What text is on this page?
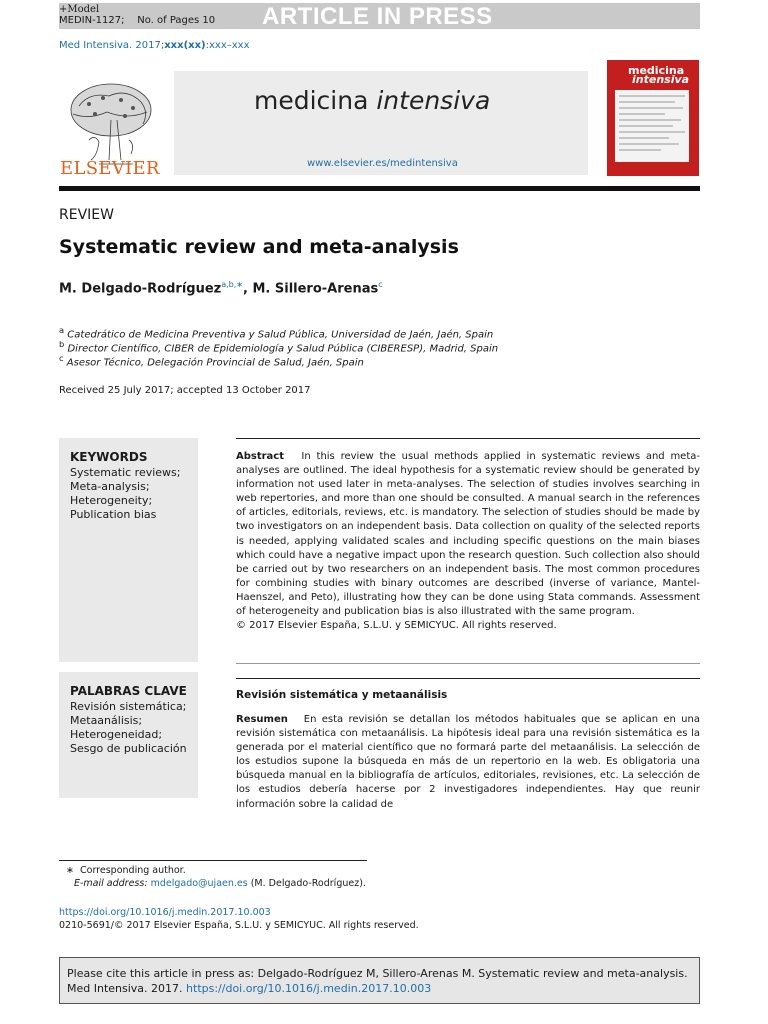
ARTICLE IN PRESS
+Model
MEDIN-1127;    No. of Pages 10
Med Intensiva. 2017;xxx(xx):xxx–xxx
ELSEVIER
medicina intensiva
www.elsevier.es/medintensiva
medicina
intensiva
REVIEW
Systematic review and meta-analysis
M. Delgado-Rodríguez$^{a,b,∗}$, M. Sillero-Arenas$^c$
$^a$ Catedrático de Medicina Preventiva y Salud Pública, Universidad de Jaén, Jaén, Spain
$^b$ Director Científico, CIBER de Epidemiología y Salud Pública (CIBERESP), Madrid, Spain
$^c$ Asesor Técnico, Delegación Provincial de Salud, Jaén, Spain
Received 25 July 2017; accepted 13 October 2017
KEYWORDS
Systematic reviews;
Meta-analysis;
Heterogeneity;
Publication bias
Abstract   In this review the usual methods applied in systematic reviews and meta-analyses are outlined. The ideal hypothesis for a systematic review should be generated by information not used later in meta-analyses. The selection of studies involves searching in web repertories, and more than one should be consulted. A manual search in the references of articles, editorials, reviews, etc. is mandatory. The selection of studies should be made by two investigators on an independent basis. Data collection on quality of the selected reports is needed, applying validated scales and including specific questions on the main biases which could have a negative impact upon the research question. Such collection also should be carried out by two researchers on an independent basis. The most common procedures for combining studies with binary outcomes are described (inverse of variance, Mantel-Haenszel, and Peto), illustrating how they can be done using Stata commands. Assessment of heterogeneity and publication bias is also illustrated with the same program.
© 2017 Elsevier España, S.L.U. y SEMICYUC. All rights reserved.
PALABRAS CLAVE
Revisión sistemática;
Metaanálisis;
Heterogeneidad;
Sesgo de publicación
Revisión sistemática y metaanálisis
Resumen   En esta revisión se detallan los métodos habituales que se aplican en una revisión sistemática con metaanálisis. La hipótesis ideal para una revisión sistemática es la generada por el material científico que no formará parte del metaanálisis. La selección de los estudios supone la búsqueda en más de un repertorio en la web. Es obligatoria una búsqueda manual en la bibliografía de artículos, editoriales, revisiones, etc. La selección de los estudios debería hacerse por 2 investigadores independientes. Hay que reunir información sobre la calidad de
∗  Corresponding author.
E-mail address: mdelgado@ujaen.es (M. Delgado-Rodríguez).
https://doi.org/10.1016/j.medin.2017.10.003
0210-5691/© 2017 Elsevier España, S.L.U. y SEMICYUC. All rights reserved.
Please cite this article in press as: Delgado-Rodríguez M, Sillero-Arenas M. Systematic review and meta-analysis. Med Intensiva. 2017. https://doi.org/10.1016/j.medin.2017.10.003
